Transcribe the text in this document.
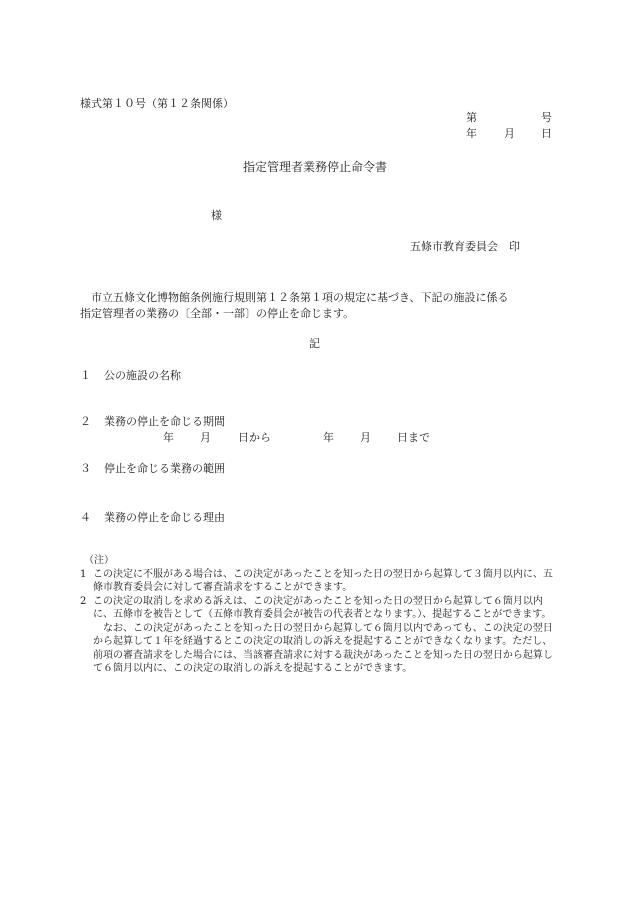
様式第１０号（第１２条関係）
第	号
年 月 日
指定管理者業務停止命令書
様
五條市教育委員会　印

　市立五條文化博物館条例施行規則第１２条第１項の規定に基づき、下記の施設に係る

指定管理者の業務の〔全部・一部〕の停止を命じます。

記
１ 公の施設の名称
２ 業務の停止を命じる期間
年 月 日から	年 月 日まで
３ 停止を命じる業務の範囲
４ 業務の停止を命じる理由

（注）

1 この決定に不服がある場合は、この決定があったことを知った日の翌日から起算して３箇月以内に、五條市教育委員会に対して審査請求をすることができます。

2 この決定の取消しを求める訴えは、この決定があったことを知った日の翌日から起算して６箇月以内に、五條市を被告として（五條市教育委員会が被告の代表者となります。）、提起することができます。

なお、この決定があったことを知った日の翌日から起算して６箇月以内であっても、この決定の翌日から起算して１年を経過するとこの決定の取消しの訴えを提起することができなくなります。ただし、前項の審査請求をした場合には、当該審査請求に対する裁決があったことを知った日の翌日から起算して６箇月以内に、この決定の取消しの訴えを提起することができます。
